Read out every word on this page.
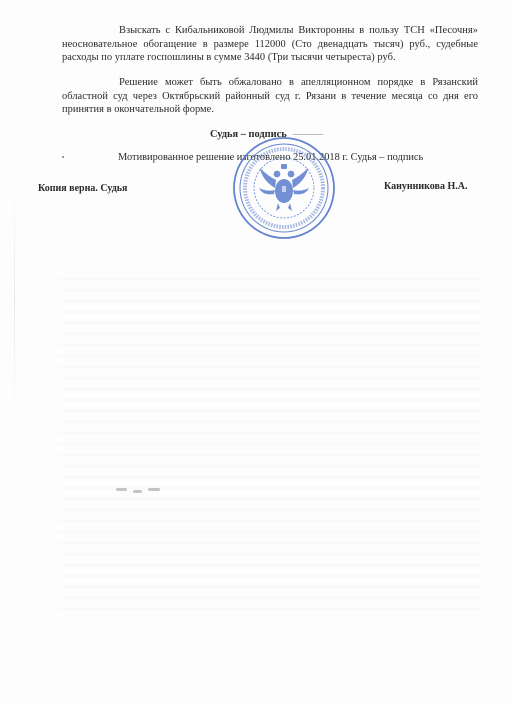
Взыскать с Кибальниковой Людмилы Викторонны в пользу ТСН «Песочня» неосновательное обогащение в размере 112000 (Сто двенадцать тысяч) руб., судебные расходы по уплате госпошлины в сумме 3440 (Три тысячи четыреста) руб.

Решение может быть обжаловано в апелляционном порядке в Рязанский областной суд через Октябрьский районный суд г. Рязани в течение месяца со дня его принятия в окончательной форме.

Судья – подпись
Мотивированное решение изготовлено 25.01.2018 г. Судья – подпись
Копия верна. Судья	Канунникова Н.А.
